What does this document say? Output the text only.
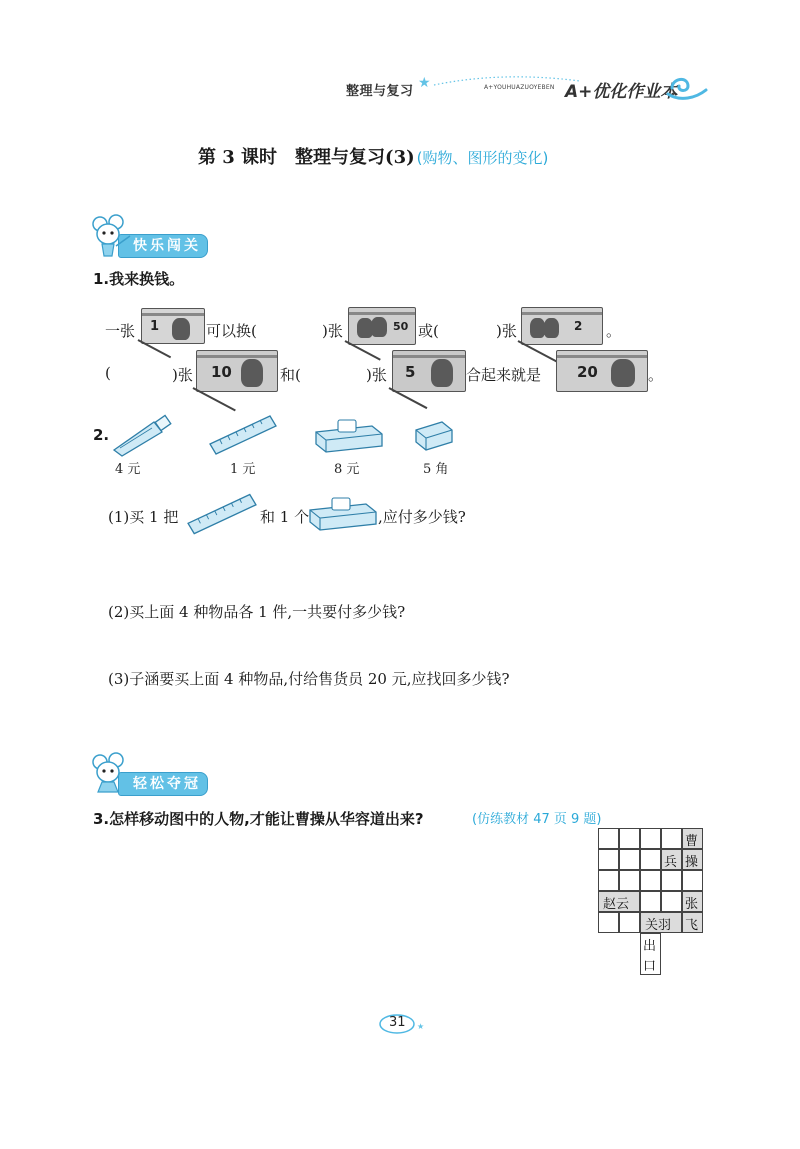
整理与复习
★	A+YOUHUAZUOYEBEN A+优化作业本
第 3 课时　整理与复习(3) (购物、图形的变化)
快乐闯关
1.我来换钱。
一张 1	可以换(	)张	50 或(	)张	2 。
(	)张 10	和(	)张 5	合起来就是 20	。
2.
4 元	1 元	8 元	5 角
(1)买 1 把	和 1 个	,应付多少钱?
(2)买上面 4 种物品各 1 件,一共要付多少钱?
(3)子涵要买上面 4 种物品,付给售货员 20 元,应找回多少钱?
轻松夺冠
3.怎样移动图中的人物,才能让曹操从华容道出来?	(仿练教材 47 页 9 题)
曹
操
兵
赵云	张
飞
关羽
出
口
★
31
